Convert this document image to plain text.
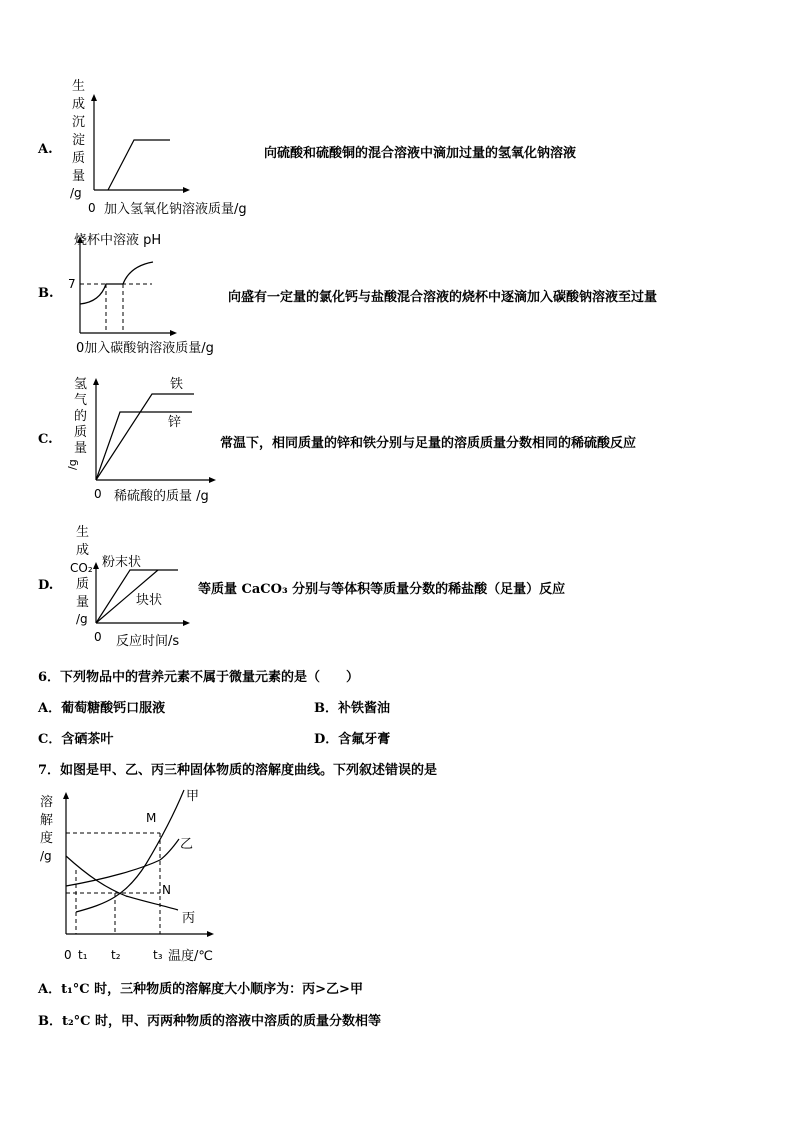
A.
生
成
沉
淀
质
量
/g
0 加入氢氧化钠溶液质量/g
向硫酸和硫酸铜的混合溶液中滴加过量的氢氧化钠溶液
B.
烧杯中溶液 pH
7
0加入碳酸钠溶液质量/g
向盛有一定量的氯化钙与盐酸混合溶液的烧杯中逐滴加入碳酸钠溶液至过量
C.
氢
气
的
质
量
/g
铁
锌
0 稀硫酸的质量 /g
常温下，相同质量的锌和铁分别与足量的溶质质量分数相同的稀硫酸反应
D.
生
成
CO₂
质
量
/g
粉末状
块状
0 反应时间/s
等质量 CaCO₃ 分别与等体积等质量分数的稀盐酸（足量）反应
6．下列物品中的营养元素不属于微量元素的是（　　）
A．葡萄糖酸钙口服液	B．补铁酱油
C．含硒茶叶	D．含氟牙膏
7．如图是甲、乙、丙三种固体物质的溶解度曲线。下列叙述错误的是
溶
解
度
/g
甲
乙
丙
M
N
0 t₁ t₂	t₃ 温度/℃
A．t₁°C 时，三种物质的溶解度大小顺序为：丙>乙>甲
B．t₂°C 时，甲、丙两种物质的溶液中溶质的质量分数相等
